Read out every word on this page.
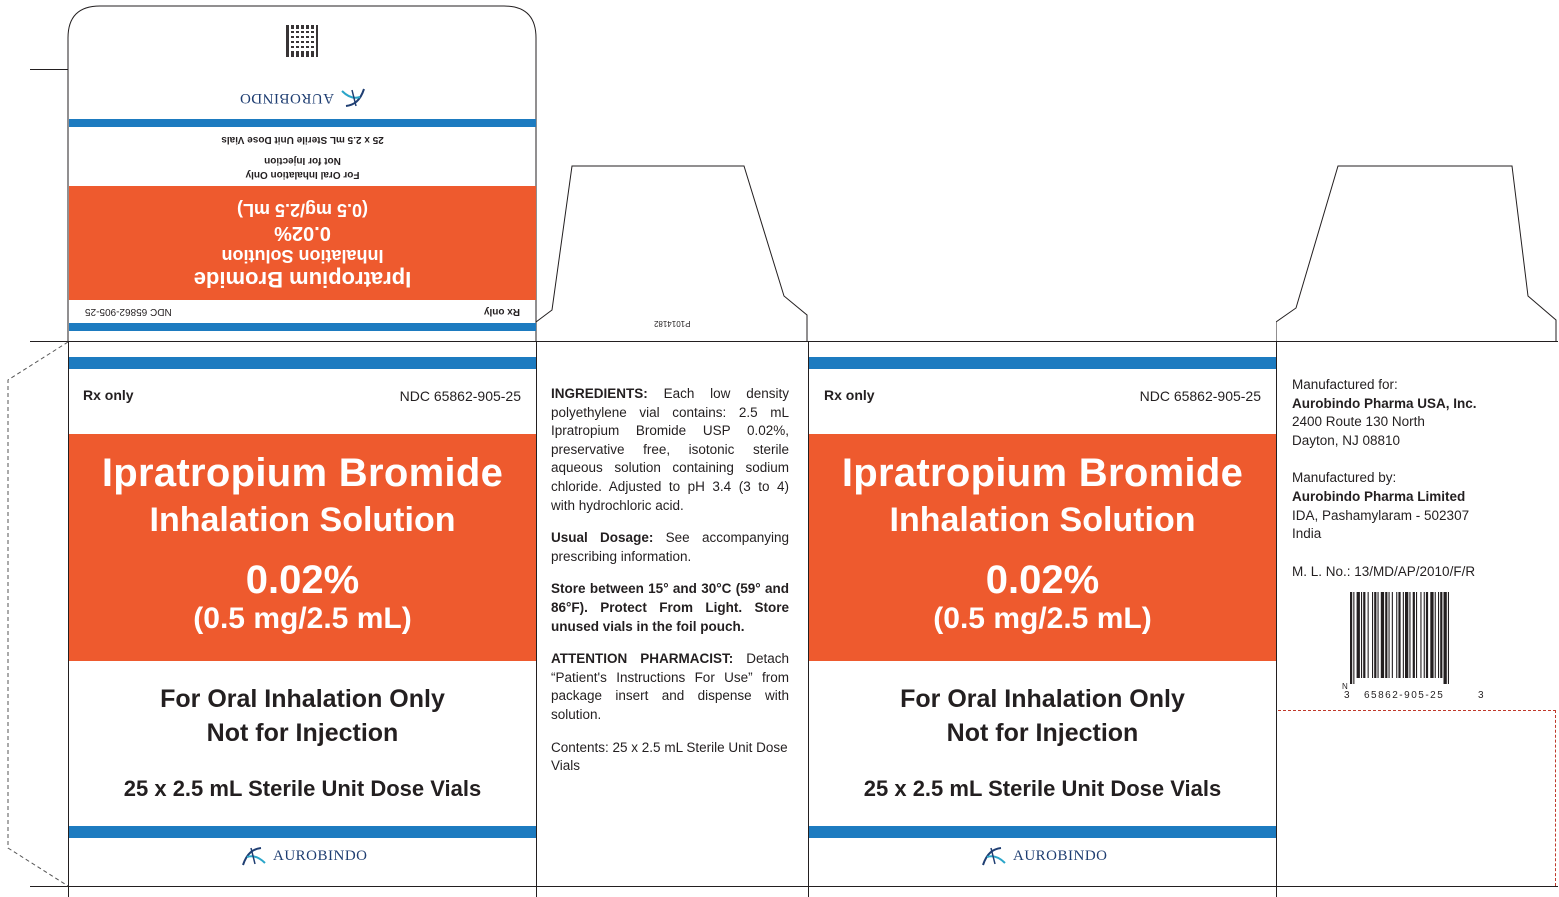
P1014182
Rx only
NDC 65862-905-25
Ipratropium Bromide
Inhalation Solution
0.02%
(0.5 mg/2.5 mL)
For Oral Inhalation Only
Not for Injection
25 x 2.5 mL Sterile Unit Dose Vials
AUROBINDO
Rx only	NDC 65862-905-25
Ipratropium Bromide
Inhalation Solution
0.02%
(0.5 mg/2.5 mL)
For Oral Inhalation Only
Not for Injection
25 x 2.5 mL Sterile Unit Dose Vials
AUROBINDO

INGREDIENTS: Each low density polyethylene vial contains: 2.5 mL Ipratropium Bromide USP 0.02%, preservative free, isotonic sterile aqueous solution containing sodium chloride. Adjusted to pH 3.4 (3 to 4) with hydrochloric acid.

Usual Dosage: See accompanying prescribing information.

Store between 15° and 30°C (59° and 86°F). Protect From Light. Store unused vials in the foil pouch.

ATTENTION PHARMACIST: Detach “Patient's Instructions For Use” from package insert and dispense with solution.

Contents: 25 x 2.5 mL Sterile Unit Dose Vials

Rx only	NDC 65862-905-25
Ipratropium Bromide
Inhalation Solution
0.02%
(0.5 mg/2.5 mL)
For Oral Inhalation Only
Not for Injection
25 x 2.5 mL Sterile Unit Dose Vials
AUROBINDO
Manufactured for:
Aurobindo Pharma USA, Inc.
2400 Route 130 North
Dayton, NJ 08810
Manufactured by:
Aurobindo Pharma Limited
IDA, Pashamylaram - 502307
India
M. L. No.: 13/MD/AP/2010/F/R
N
3 65862-905-25	3
